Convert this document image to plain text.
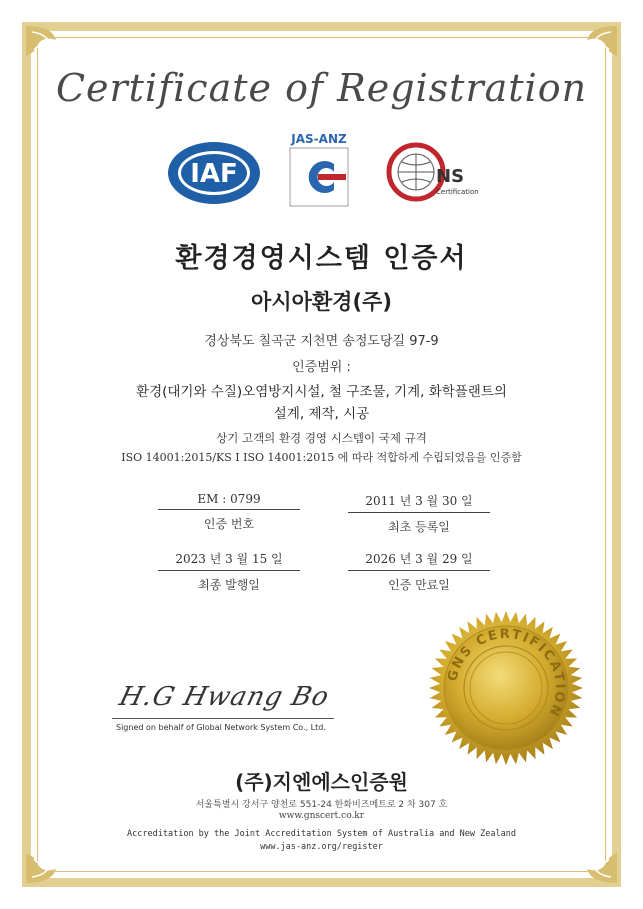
Certificate of Registration
IAF
JAS-ANZ
NS
Certification
환경경영시스템 인증서
아시아환경(주)
경상북도 칠곡군 지천면 송정도당길 97-9
인증범위 :
환경(대기와 수질)오염방지시설, 철 구조물, 기계, 화학플랜트의
설계, 제작, 시공
상기 고객의 환경 경영 시스템이 국제 규격
ISO 14001:2015/KS I ISO 14001:2015 에 따라 적합하게 수립되었음을 인증함
EM : 0799
인증 번호
2011 년 3 월 30 일
최초 등록일
2023 년 3 월 15 일
최종 발행일
2026 년 3 월 29 일
인증 만료일
H.G Hwang Bo
Signed on behalf of Global Network System Co., Ltd.
GNS CERTIFICATION
(주)지엔에스인증원
서울특별시 강서구 양천로 551-24 한화비즈메트로 2 차 307 호
www.gnscert.co.kr
Accreditation by the Joint Accreditation System of Australia and New Zealand
www.jas-anz.org/register
